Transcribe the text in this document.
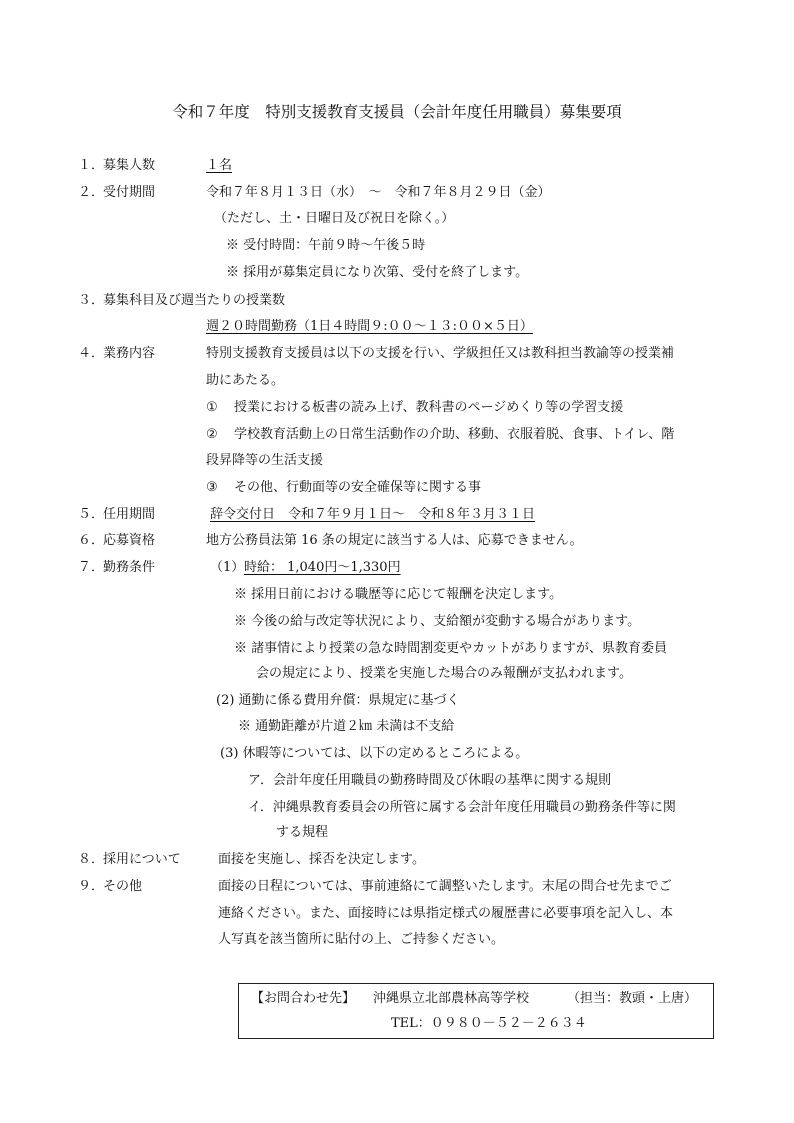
令和７年度　特別支援教育支援員（会計年度任用職員）募集要項
１．
募集人数	１名
２．
受付期間	令和７年８月１３日（水）　～　令和７年８月２９日（金）
（ただし、土・日曜日及び祝日を除く。）
※ 受付時間：午前９時～午後５時
※ 採用が募集定員になり次第、受付を終了します。
３．
募集科目及び週当たりの授業数
週２０時間勤務（1日４時間９:００～１３:００×５日）
４．
業務内容	特別支援教育支援員は以下の支援を行い、学級担任又は教科担当教諭等の授業補
助にあたる。
① 授業における板書の読み上げ、教科書のページめくり等の学習支援
② 学校教育活動上の日常生活動作の介助、移動、衣服着脱、食事、トイレ、階
段昇降等の生活支援
③ その他、行動面等の安全確保等に関する事
５．
任用期間	辞令交付日　令和７年９月１日～　令和８年３月３１日
６．
応募資格	地方公務員法第 16 条の規定に該当する人は、応募できません。
７．
勤務条件	（1） 時給： 1,040円～1,330円
※ 採用日前における職歴等に応じて報酬を決定します。
※ 今後の給与改定等状況により、支給額が変動する場合があります。
※ 諸事情により授業の急な時間割変更やカットがありますが、県教育委員
会の規定により、授業を実施した場合のみ報酬が支払われます。
(2) 通勤に係る費用弁償：県規定に基づく
※ 通勤距離が片道２㎞ 未満は不支給
(3) 休暇等については、以下の定めるところによる。
ア．会計年度任用職員の勤務時間及び休暇の基準に関する規則
イ．沖縄県教育委員会の所管に属する会計年度任用職員の勤務条件等に関
する規程
８．
採用について	面接を実施し、採否を決定します。
９．
その他	面接の日程については、事前連絡にて調整いたします。末尾の問合せ先までご
連絡ください。また、面接時には県指定様式の履歴書に必要事項を記入し、本
人写真を該当箇所に貼付の上、ご持参ください。
【お問合わせ先】 沖縄県立北部農林高等学校	（担当：教頭・上唐）
TEL：０９８０－５２－２６３４
